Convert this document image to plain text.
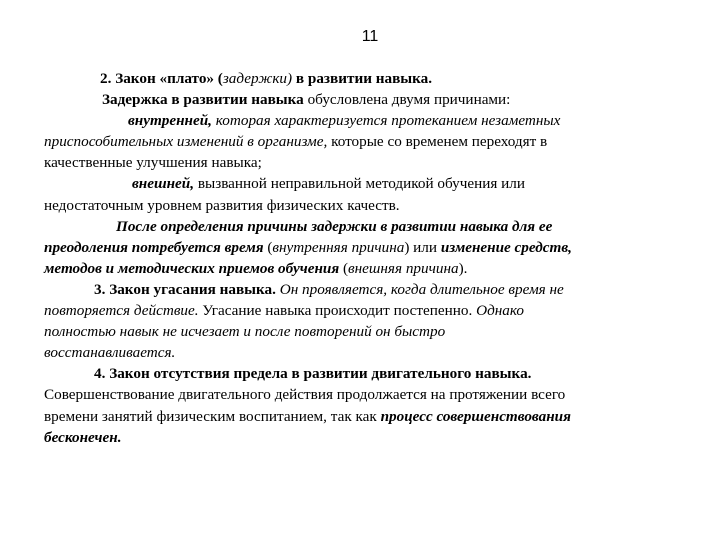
11
2. Закон «плато» (задержки) в развитии навыка.
Задержка в развитии навыка обусловлена двумя причинами:
внутренней, которая характеризуется протеканием незаметных
приспособительных изменений в организме, которые со временем переходят в
качественные улучшения навыка;
внешней, вызванной неправильной методикой обучения или
недостаточным уровнем развития физических качеств.
После определения причины задержки в развитии навыка для ее
преодоления потребуется время (внутренняя причина) или изменение средств,
методов и методических приемов обучения (внешняя причина).
3. Закон угасания навыка. Он проявляется, когда длительное время не
повторяется действие. Угасание навыка происходит постепенно. Однако
полностью навык не исчезает и после повторений он быстро
восстанавливается.
4. Закон отсутствия предела в развитии двигательного навыка.
Совершенствование двигательного действия продолжается на протяжении всего
времени занятий физическим воспитанием, так как процесс совершенствования
бесконечен.
